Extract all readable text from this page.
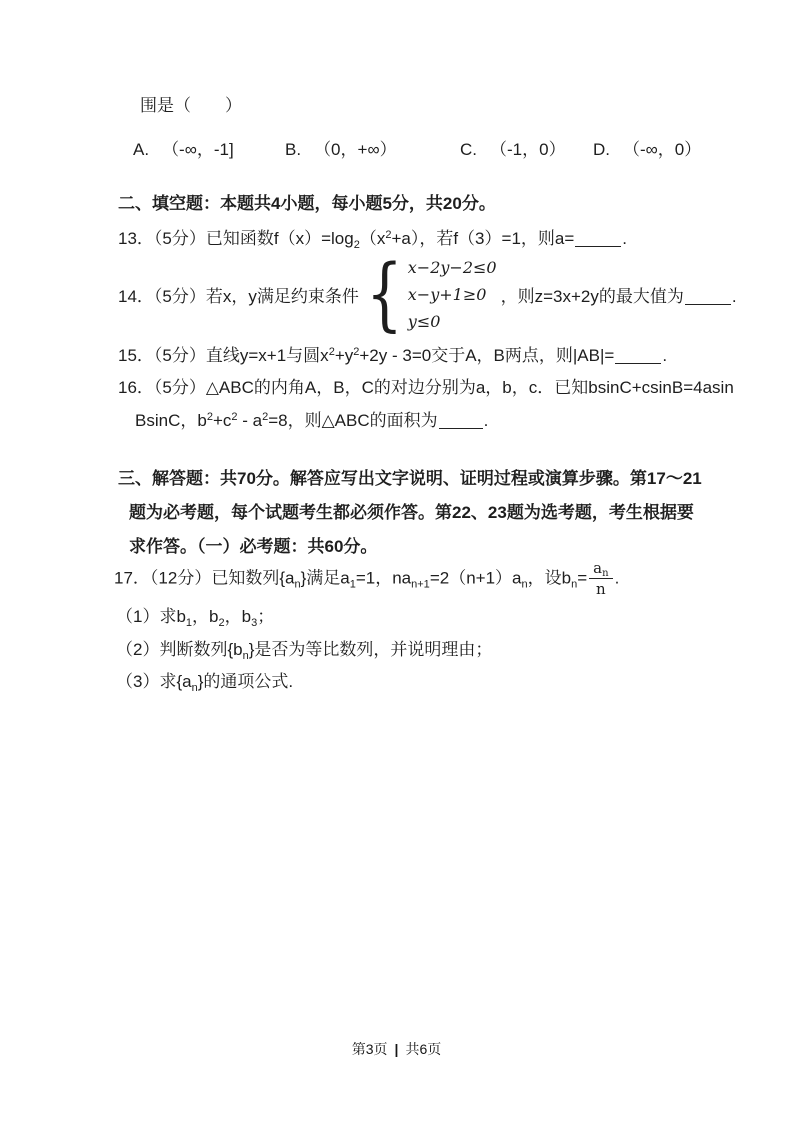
围是（　　）
A. （-∞，-1]	B. （0，+∞）	C. （-1，0） D. （-∞，0）
二、填空题：本题共4小题，每小题5分，共20分。
13．（5分）已知函数$f(x)=\log_2(x^2+a)$，若f（3）=1，则a=	.
14．（5分）若x，y满足约束条件 { x−2y−2≤0
x−y+1≥0
y≤0
，则z=3x+2y的最大值为	.
15．（5分）直线y=x+1与圆$x^2+y^2+2y - 3=0$交于A，B两点，则|AB|=	.
16．（5分）△ABC的内角A，B，C的对边分别为a，b，c．已知bsinC+csinB=4asin
BsinC，$b^2+c^2 - a^2=8$，则△ABC的面积为	.
三、解答题：共70分。解答应写出文字说明、证明过程或演算步骤。第17～21
题为必考题，每个试题考生都必须作答。第22、23题为选考题，考生根据要
求作答。（一）必考题：共60分。
17．（12分）已知数列$\{a_n\}$满足$a_1=1$，$na_{n+1}=2(n+1)a_n$，设$b_n= \frac{a_n}{n}$ .
（1）求$b_1$，$b_2$，$b_3$；
（2）判断数列$\{b_n\}$是否为等比数列，并说明理由；
（3）求$\{a_n\}$的通项公式.
第3页 | 共6页
